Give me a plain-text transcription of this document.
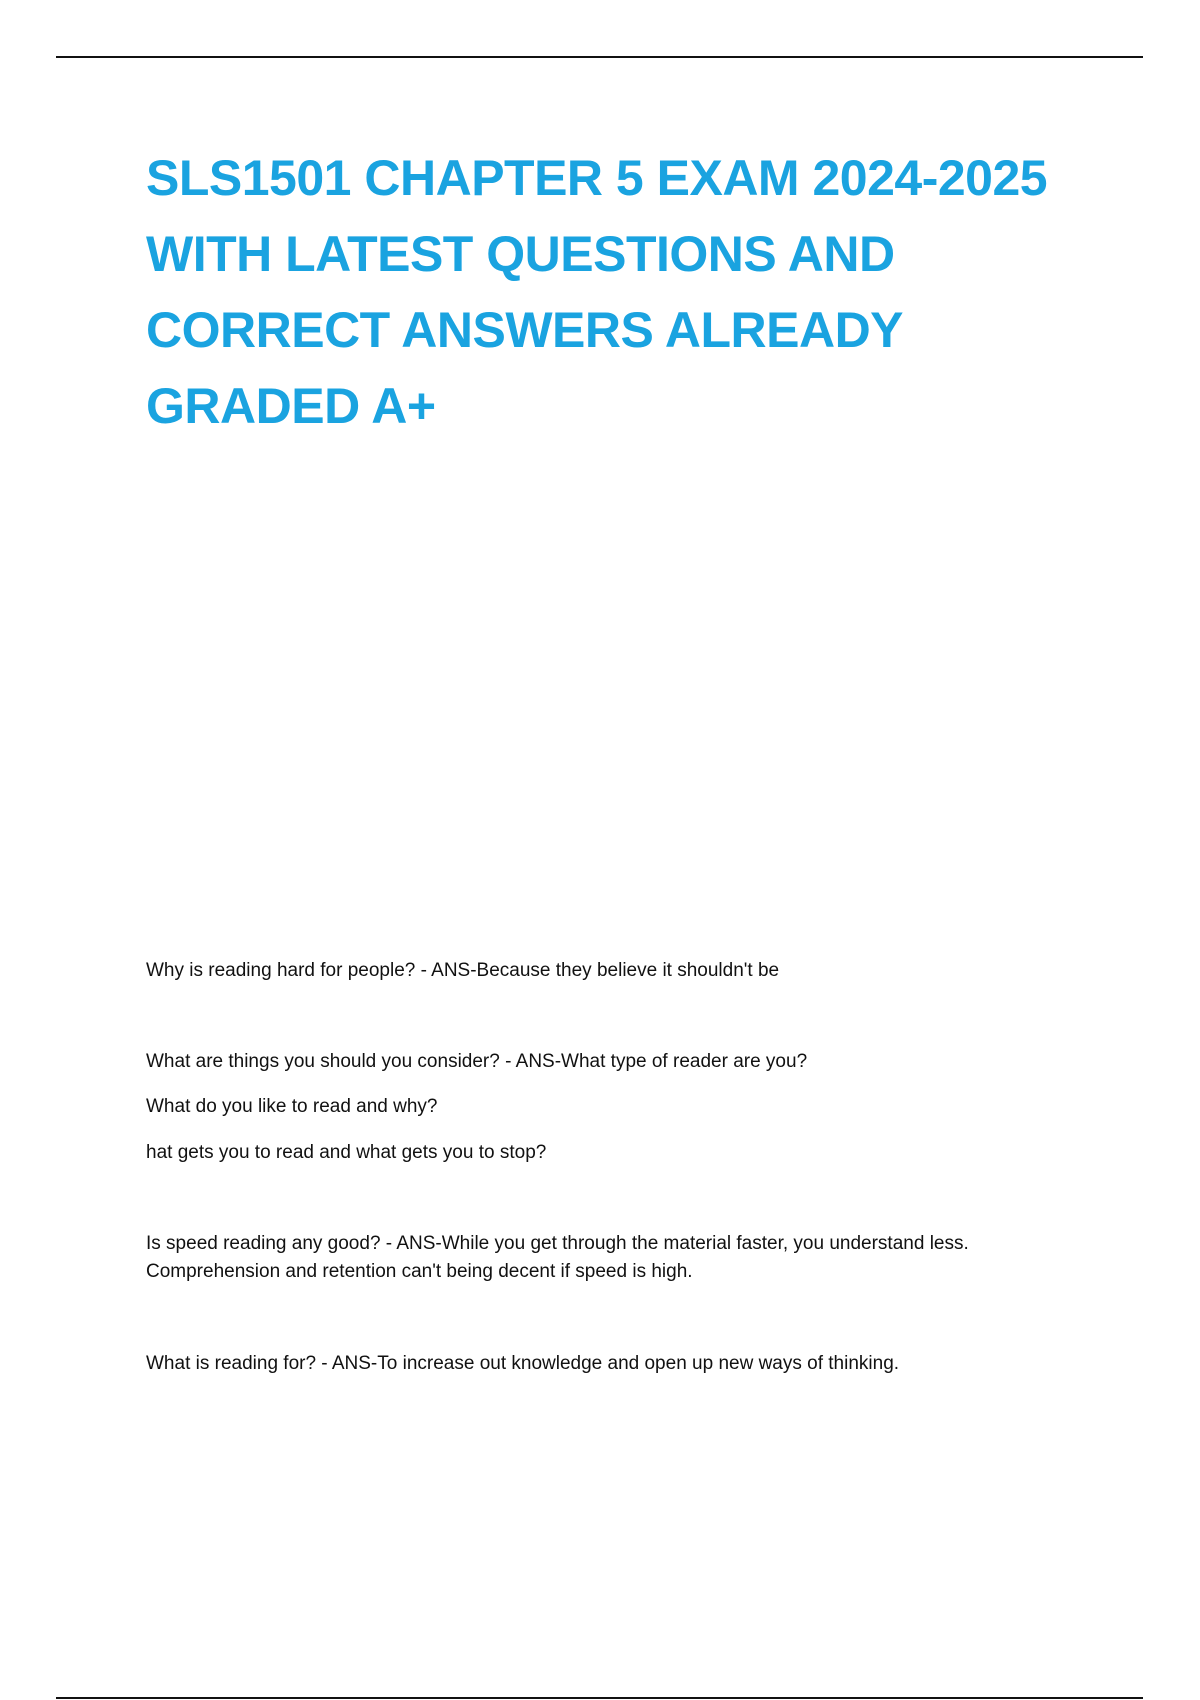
SLS1501 CHAPTER 5 EXAM 2024-2025 WITH LATEST QUESTIONS AND CORRECT ANSWERS ALREADY GRADED A+

Why is reading hard for people? - ANS-Because they believe it shouldn't be

What are things you should you consider? - ANS-What type of reader are you?

What do you like to read and why?

hat gets you to read and what gets you to stop?

Is speed reading any good? - ANS-While you get through the material faster, you understand less. Comprehension and retention can't being decent if speed is high.

What is reading for? - ANS-To increase out knowledge and open up new ways of thinking.
